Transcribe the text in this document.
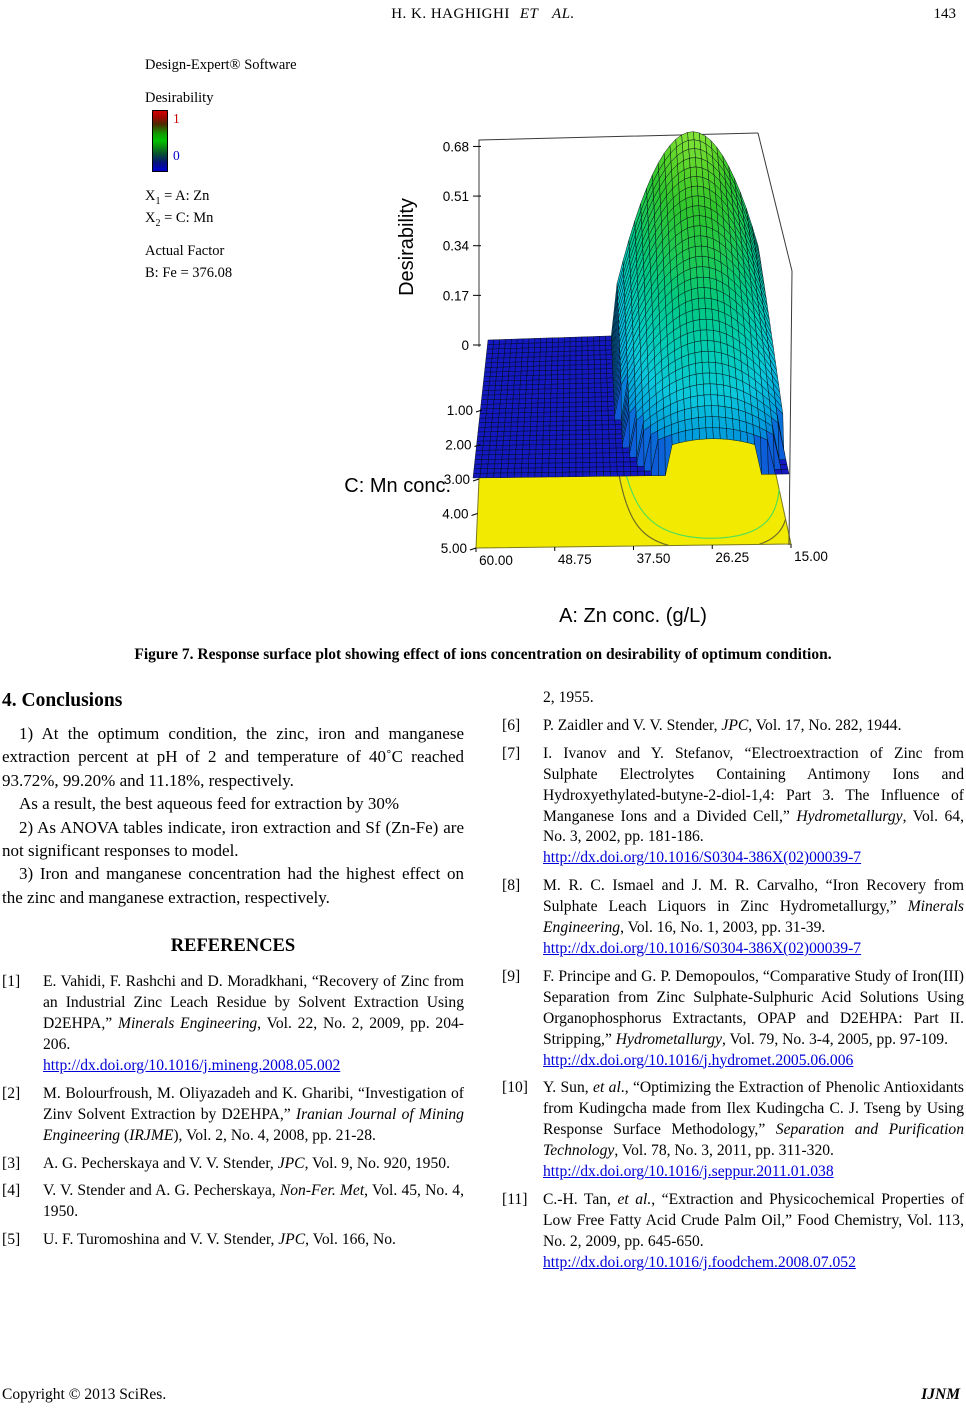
H. K. HAGHIGHI ET AL.	143
0
0.17
0.34
0.51
0.68
1.00
2.00
3.00
4.00
5.00
60.00	48.75	37.50	26.25	15.00
Desirability
C: Mn conc.
A: Zn conc. (g/L)
Design-Expert® Software
Desirability
1
0
$X_1 = A$: Zn
$X_2 = C$: Mn
Actual Factor
B: Fe = 376.08
Figure 7. Response surface plot showing effect of ions concentration on desirability of optimum condition.
4. Conclusions

1) At the optimum condition, the zinc, iron and manganese extraction percent at pH of 2 and temperature of 40˚C reached 93.72%, 99.20% and 11.18%, respectively.

As a result, the best aqueous feed for extraction by 30%

2) As ANOVA tables indicate, iron extraction and Sf (Zn-Fe) are not significant responses to model.

3) Iron and manganese concentration had the highest effect on the zinc and manganese extraction, respectively.

REFERENCES
[1] E. Vahidi, F. Rashchi and D. Moradkhani, “Recovery of Zinc from an Industrial Zinc Leach Residue by Solvent Extraction Using D2EHPA,” Minerals Engineering, Vol. 22, No. 2, 2009, pp. 204-206.
http://dx.doi.org/10.1016/j.mineng.2008.05.002
[2] M. Bolourfroush, M. Oliyazadeh and K. Gharibi, “Investigation of Zinv Solvent Extraction by D2EHPA,” Iranian Journal of Mining Engineering (IRJME), Vol. 2, No. 4, 2008, pp. 21-28.
[3] A. G. Pecherskaya and V. V. Stender, JPC, Vol. 9, No. 920, 1950.
[4] V. V. Stender and A. G. Pecherskaya, Non-Fer. Met, Vol. 45, No. 4, 1950.
[5] U. F. Turomoshina and V. V. Stender, JPC, Vol. 166, No.
2, 1955.
[6] P. Zaidler and V. V. Stender, JPC, Vol. 17, No. 282, 1944.
[7] I. Ivanov and Y. Stefanov, “Electroextraction of Zinc from Sulphate Electrolytes Containing Antimony Ions and Hydroxyethylated-butyne-2-diol-1,4: Part 3. The Influence of Manganese Ions and a Divided Cell,” Hydrometallurgy, Vol. 64, No. 3, 2002, pp. 181-186.
http://dx.doi.org/10.1016/S0304-386X(02)00039-7
[8] M. R. C. Ismael and J. M. R. Carvalho, “Iron Recovery from Sulphate Leach Liquors in Zinc Hydrometallurgy,” Minerals Engineering, Vol. 16, No. 1, 2003, pp. 31-39.
http://dx.doi.org/10.1016/S0304-386X(02)00039-7
[9] F. Principe and G. P. Demopoulos, “Comparative Study of Iron(III) Separation from Zinc Sulphate-Sulphuric Acid Solutions Using Organophosphorus Extractants, OPAP and D2EHPA: Part II. Stripping,” Hydrometallurgy, Vol. 79, No. 3-4, 2005, pp. 97-109.
http://dx.doi.org/10.1016/j.hydromet.2005.06.006
[10] Y. Sun, et al., “Optimizing the Extraction of Phenolic Antioxidants from Kudingcha made from Ilex Kudingcha C. J. Tseng by Using Response Surface Methodology,” Separation and Purification Technology, Vol. 78, No. 3, 2011, pp. 311-320.
http://dx.doi.org/10.1016/j.seppur.2011.01.038
[11] C.-H. Tan, et al., “Extraction and Physicochemical Properties of Low Free Fatty Acid Crude Palm Oil,” Food Chemistry, Vol. 113, No. 2, 2009, pp. 645-650.
http://dx.doi.org/10.1016/j.foodchem.2008.07.052
Copyright © 2013 SciRes.	IJNM
